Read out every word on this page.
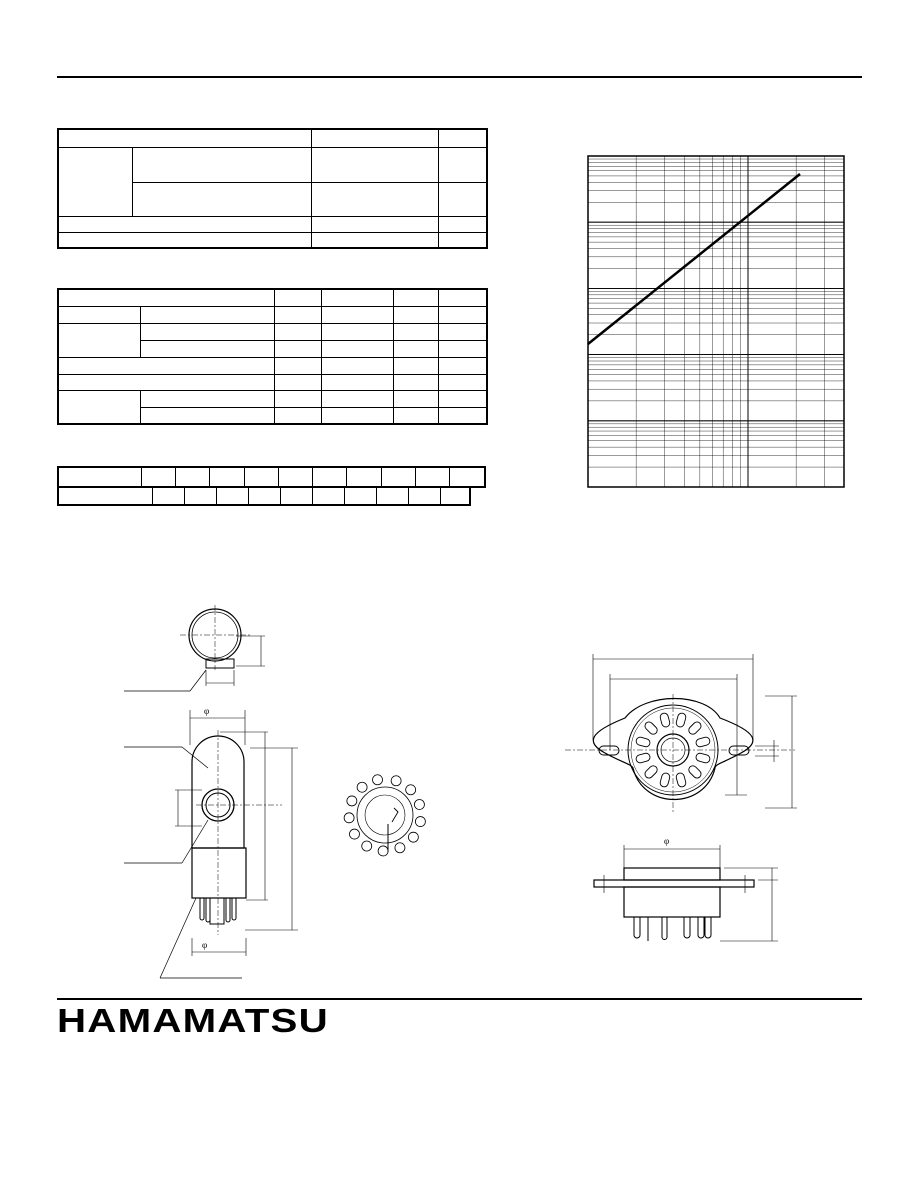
φ
φ
φ
HAMAMATSU
